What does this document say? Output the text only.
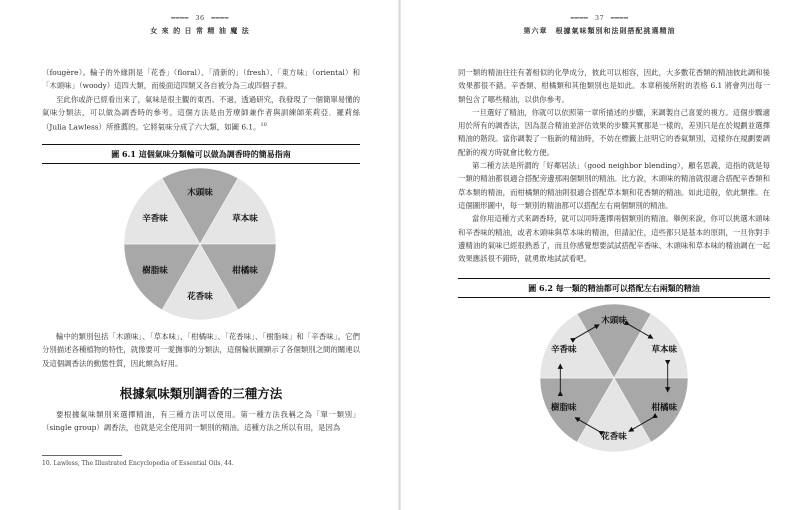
━━━━ 36 ━━━━
女 來 的 日 常 精 油 魔 法

（fougère）。輪子的外緣則是「花香」（floral）、「清新的」（fresh）、「東方味」（oriental）和「木頭味」（woody）這四大類，而後面這四類又各自被分為三或四個子群。

至此你或許已經看出來了，氣味是很主觀的東西。不過，透過研究，我發現了一個簡單易懂的氣味分類法，可以做為調香時的參考。這個方法是由芳療師兼作者與訓練師茱莉亞．羅莉絲（Julia Lawless）所推薦的。它將氣味分成了六大類，如圖 6.1。$^{10}$

圖 6.1 這個氣味分類輪可以做為調香時的簡易指南
木頭味
草本味
柑橘味
花香味
樹脂味
辛香味

輪中的類別包括「木頭味」、「草本味」、「柑橘味」、「花香味」、「樹脂味」和「辛香味」。它們分別描述各種植物的特性，就像要可一愛撫事的分類法，這個輪狀圖顯示了各個類別之間的關連以及這個調香法的動態性質，因此頗為好用。

根據氣味類別調香的三種方法

要根據氣味類別來選擇精油，有三種方法可以使用。第一種方法我稱之為「單一類別」（single group）調香法，也就是完全使用同一類別的精油。這種方法之所以有用，是因為

10. Lawless, The Illustrated Encyclopedia of Essential Oils, 44.
━━━━ 37 ━━━━
第六章　根據氣味類別和法則搭配挑選精油

同一類的精油往往有著相似的化學成分，彼此可以相容，因此，大多數花香類的精油彼此調和後效果都很不錯。辛香類、柑橘類和其他類別也是如此。本章稍後所附的表格 6.1 將會列出每一類包含了哪些精油，以供你參考。

一旦選好了精油，你就可以依照第一章所描述的步驟，來調製自己喜愛的複方。這個步驟適用於所有的調香法，因為混合精油並評估效果的步驟其實都是一樣的，差別只是在於規劃並選擇精油的階段。當你調製了一瓶新的精油時，不妨在標籤上註明它的香氣類別，這樣你在規劃要調配新的複方時就會比較方便。

第二種方法是所謂的「好鄰居法」（good neighbor blending），顧名思義，這指的就是每一類的精油都很適合搭配旁邊那兩個類別的精油。比方說，木頭味的精油就很適合搭配辛香類和草本類的精油，而柑橘類的精油則很適合搭配草本類和花香類的精油。如此這般，依此類推。在這個圖形圖中，每一類別的精油都可以搭配左右兩個類別的精油。

當你用這種方式來調香時，就可以同時選擇兩個類別的精油。舉例來說，你可以挑選木頭味和辛香味的精油，或者木頭味與草本味的精油，但請記住，這些都只是基本的原則，一旦你對手邊精油的氣味已經很熟悉了，而且你感覺想要試試搭配辛香味、木頭味和草本味的精油調在一起效果應該很不錯時，就勇敢地試試看吧。

圖 6.2 每一類的精油都可以搭配左右兩類的精油
木頭味
草本味
柑橘味
花香味
樹脂味
辛香味
